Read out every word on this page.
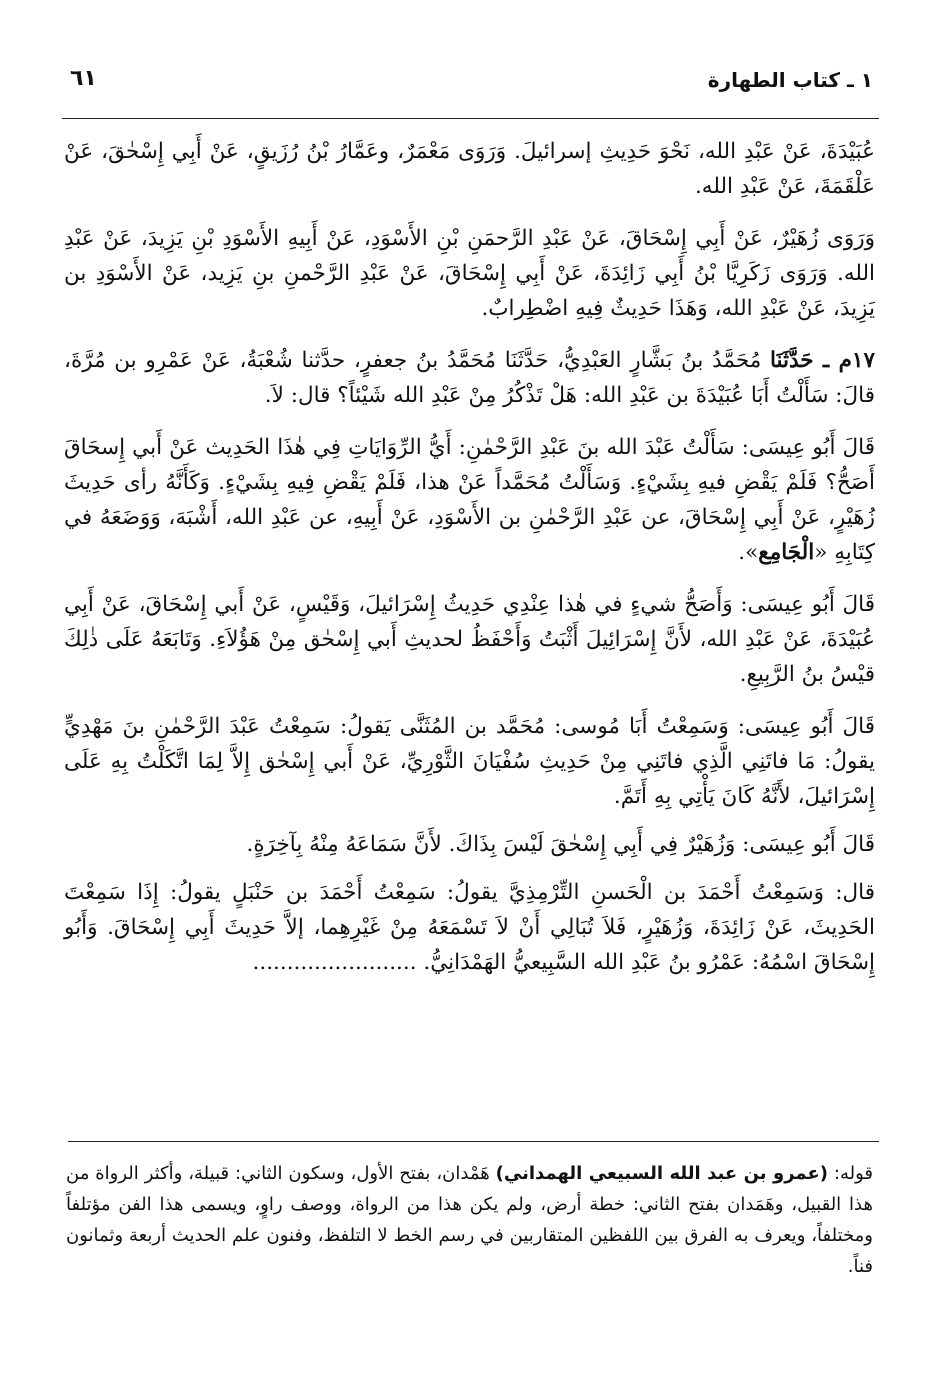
١ ـ كتاب الطهارة
٦١

عُبَيْدَةَ، عَنْ عَبْدِ الله، نَحْوَ حَدِيثِ إسرائيلَ. وَرَوَى مَعْمَرٌ، وعَمَّارُ بْنُ رُزَيقٍ، عَنْ أَبِي إِسْحٰقَ، عَنْ عَلْقَمَةَ، عَنْ عَبْدِ الله.

وَرَوَى زُهَيْرٌ، عَنْ أَبِي إِسْحَاقَ، عَنْ عَبْدِ الرَّحمَنِ بْنِ الأَسْوَدِ، عَنْ أَبِيهِ الأَسْوَدِ بْنِ يَزِيدَ، عَنْ عَبْدِ الله. وَرَوَى زَكَرِيَّا بْنُ أَبِي زَائِدَةَ، عَنْ أَبِي إِسْحَاقَ، عَنْ عَبْدِ الرَّحْمنِ بنِ يَزِيد، عَنْ الأَسْوَدِ بن يَزِيدَ، عَنْ عَبْدِ الله، وَهَذَا حَدِيثٌ فِيهِ اضْطِرابٌ.

١٧م ـ حَدَّثَنَا مُحَمَّدُ بنُ بَشَّارٍ العَبْدِيُّ، حَدَّثَنَا مُحَمَّدُ بنُ جعفرٍ، حدَّثنا شُعْبَةُ، عَنْ عَمْرِو بن مُرَّةَ، قالَ: سَأَلْتُ أَبَا عُبَيْدَةَ بن عَبْدِ الله: هَلْ تَذْكُرُ مِنْ عَبْدِ الله شَيْئاً؟ قال: لاَ.

قَالَ أَبُو عِيسَى: سَأَلْتُ عَبْدَ الله بنَ عَبْدِ الرَّحْمٰنِ: أَيُّ الرِّوَايَاتِ فِي هٰذَا الحَدِيث عَنْ أَبي إِسحَاقَ أَصَحُّ؟ فَلَمْ يَقْضِ فيهِ بِشَيْءٍ. وَسَأَلْتُ مُحَمَّداً عَنْ هذا، فَلَمْ يَقْضِ فِيهِ بِشَيْءٍ. وَكَأَنَّهُ رأى حَدِيثَ زُهَيْرٍ، عَنْ أَبِي إِسْحَاقَ، عن عَبْدِ الرَّحْمٰنِ بن الأَسْوَدِ، عَنْ أَبِيهِ، عن عَبْدِ الله، أَشْبَهَ، وَوَضَعَهُ في كِتَابِهِ «الْجَامِع».

قَالَ أَبُو عِيسَى: وَأَصَحُّ شيءٍ في هٰذا عِنْدِي حَدِيثُ إِسْرَائيلَ، وَقَيْسٍ، عَنْ أَبي إِسْحَاقَ، عَنْ أَبِي عُبَيْدَةَ، عَنْ عَبْدِ الله، لأَنَّ إِسْرَائِيلَ أَثْبَتُ وَأَحْفَظُ لحديثِ أَبي إِسْحٰق مِنْ هَؤُلاَءِ. وَتَابَعَهُ عَلَى ذٰلِكَ قيْسُ بنُ الرَّبِيعِ.

قَالَ أَبُو عِيسَى: وَسَمِعْتُ أَبَا مُوسى: مُحَمَّد بن المُثَنَّى يَقولُ: سَمِعْتُ عَبْدَ الرَّحْمٰنِ بنَ مَهْدِيٍّ يقولُ: مَا فاتَنِي الَّذِي فاتَنِي مِنْ حَدِيثِ سُفْيَانَ الثَّوْرِيِّ، عَنْ أَبي إِسْحٰق إِلاَّ لِمَا اتَّكَلْتُ بِهِ عَلَى إِسْرَائيلَ، لأَنَّهُ كَانَ يَأْتِي بِهِ أَتَمَّ.

قَالَ أَبُو عِيسَى: وَزُهَيْرٌ فِي أَبِي إِسْحٰقَ لَيْسَ بِذَاكَ. لأَنَّ سَمَاعَهُ مِنْهُ بِآخِرَةٍ.

قال: وَسَمِعْتُ أَحْمَدَ بن الْحَسنِ التِّرْمِذِيَّ يقولُ: سَمِعْتُ أَحْمَدَ بن حَنْبَلٍ يقولُ: إِذَا سَمِعْتَ الحَدِيثَ، عَنْ زَائِدَةَ، وَزُهَيْرٍ، فَلاَ تُبَالِي أَنْ لاَ تَسْمَعَهُ مِنْ غَيْرِهِما، إلاَّ حَدِيثَ أَبِي إِسْحَاقَ. وَأَبُو إِسْحَاقَ اسْمُهُ: عَمْرُو بنُ عَبْدِ الله السَّبِيعيُّ الهَمْدَانِيُّ. ........................

قوله: (عمرو بن عبد الله السبيعي الهمداني) هَمْدان، بفتح الأول، وسكون الثاني: قبيلة، وأكثر الرواة من هذا القبيل، وهَمَدان بفتح الثاني: خطة أرض، ولم يكن هذا من الرواة، ووصف راوٍ، ويسمى هذا الفن مؤتلفاً ومختلفاً، ويعرف به الفرق بين اللفظين المتقاربين في رسم الخط لا التلفظ، وفنون علم الحديث أربعة وثمانون فناً.
